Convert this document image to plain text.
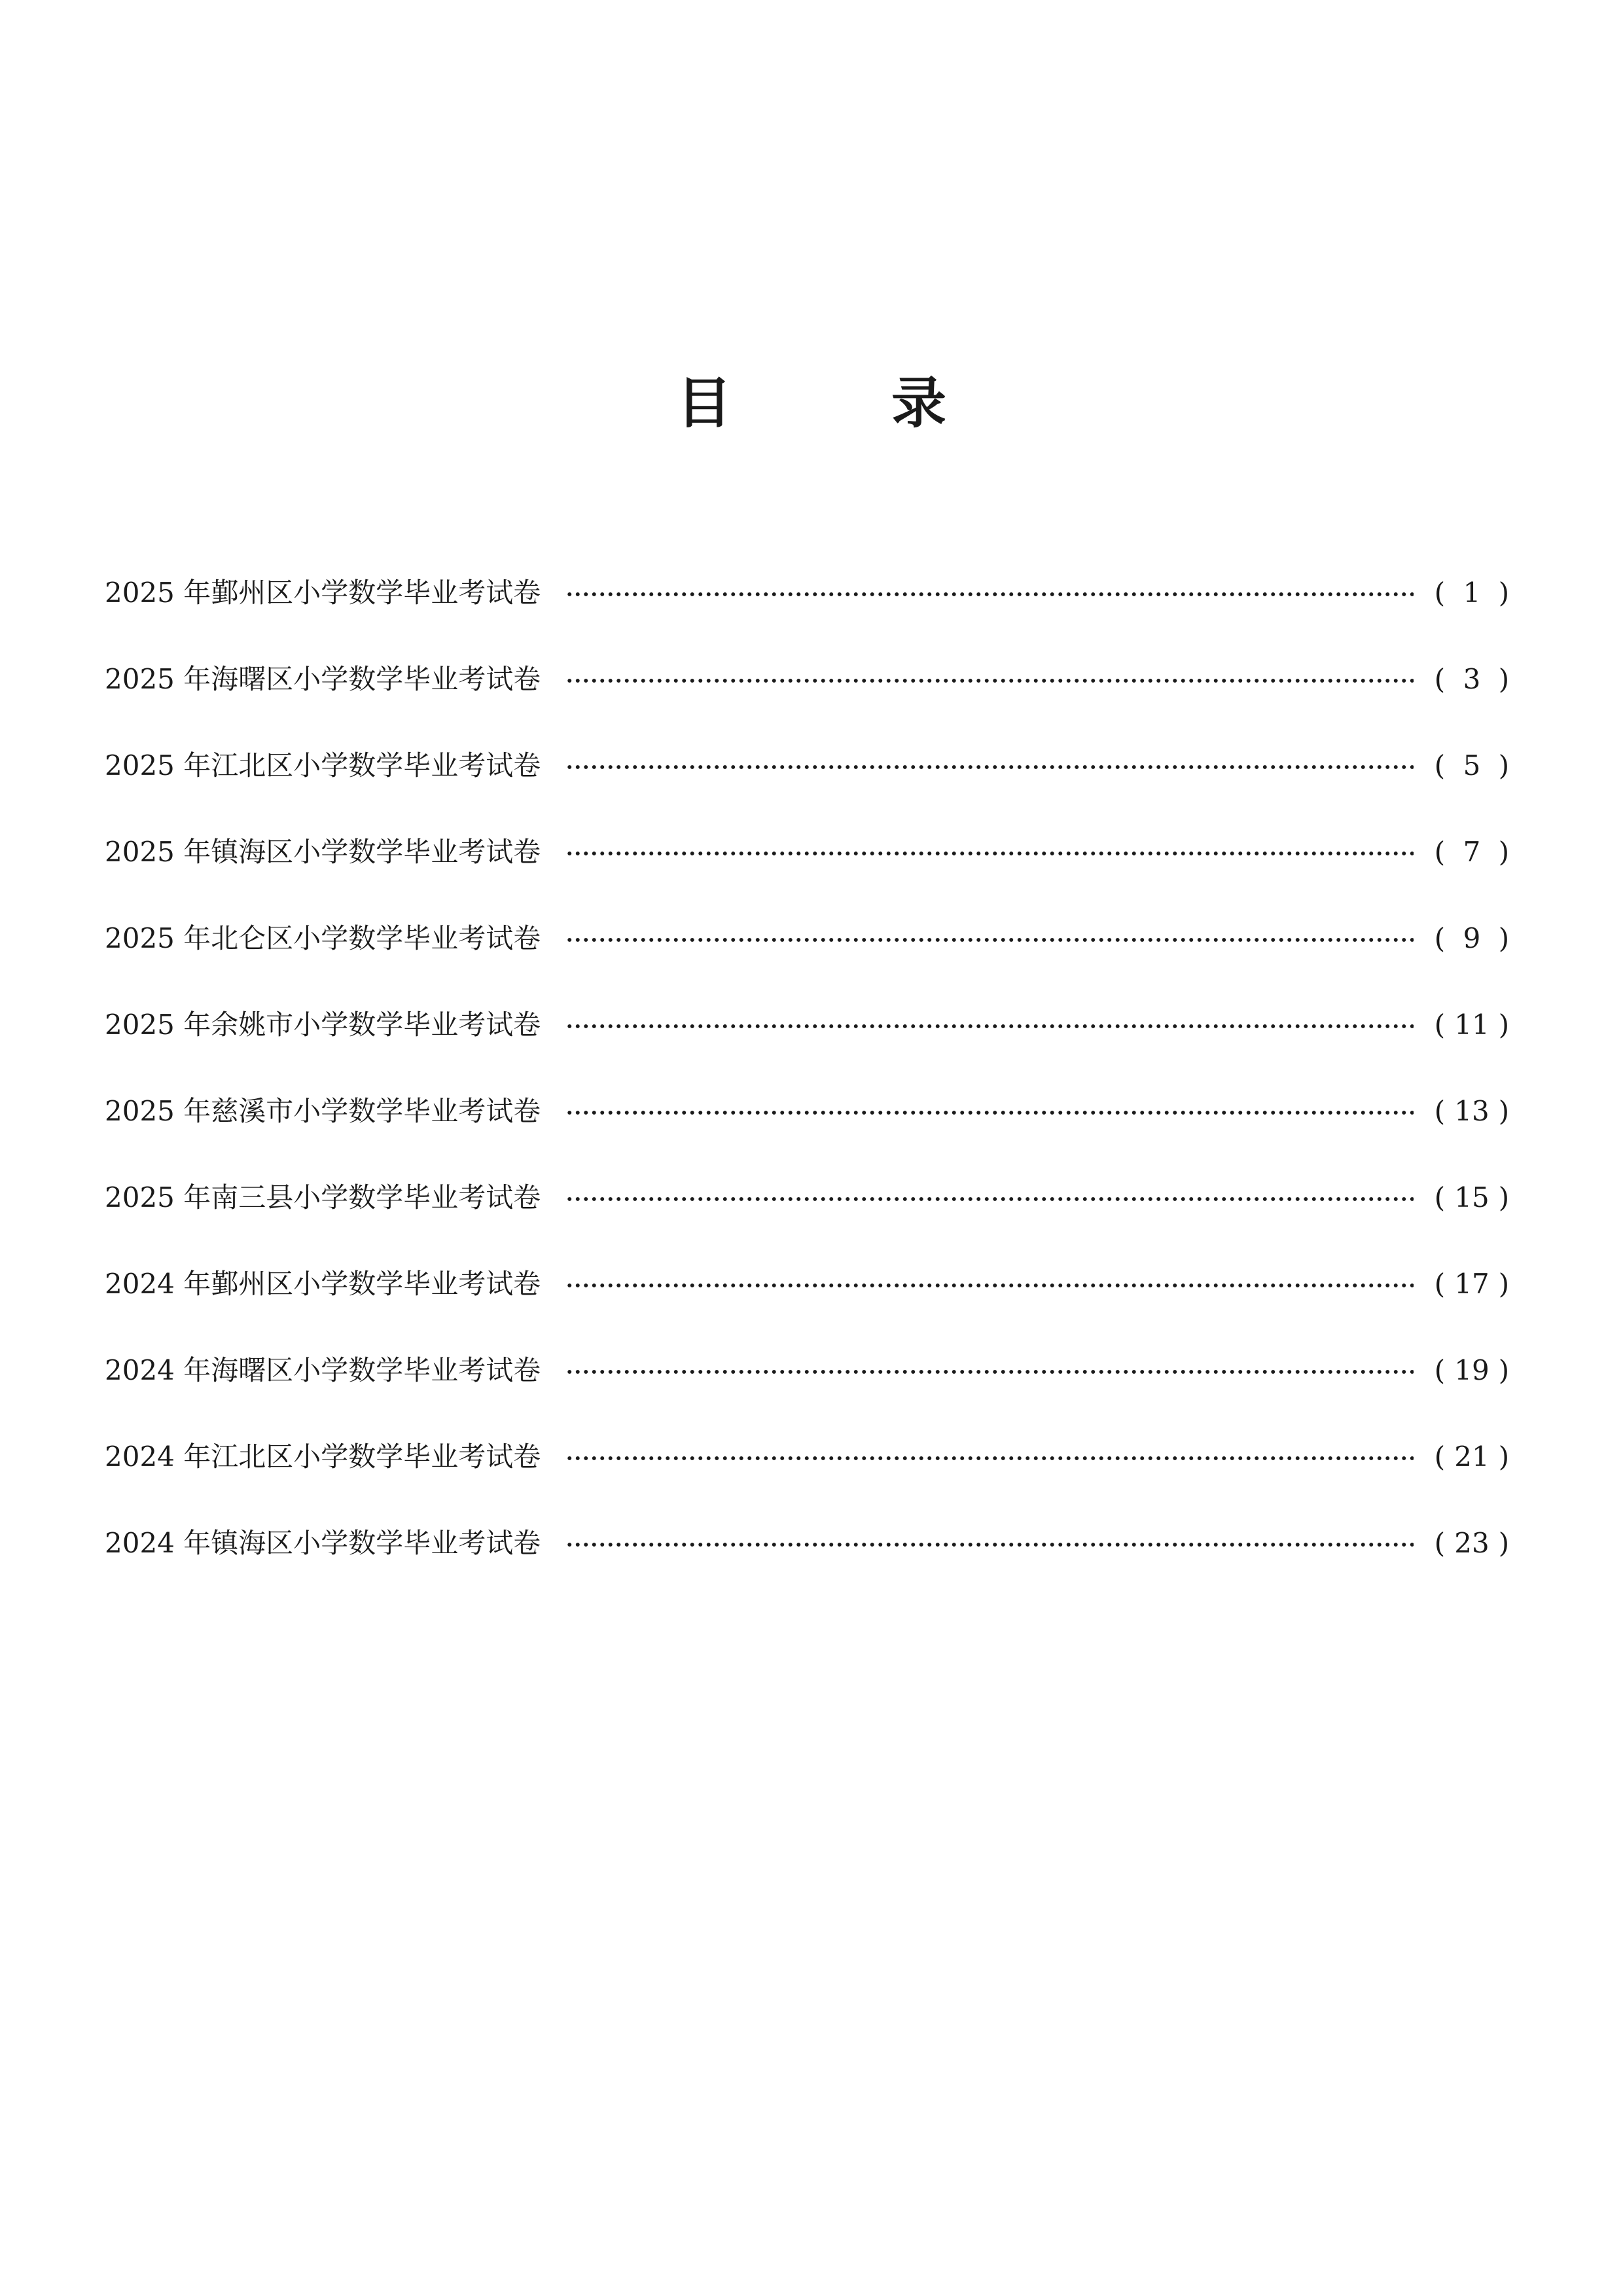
目　录
2025 年鄞州区小学数学毕业考试卷	( 1 )
2025 年海曙区小学数学毕业考试卷	( 3 )
2025 年江北区小学数学毕业考试卷	( 5 )
2025 年镇海区小学数学毕业考试卷	( 7 )
2025 年北仑区小学数学毕业考试卷	( 9 )
2025 年余姚市小学数学毕业考试卷	( 11 )
2025 年慈溪市小学数学毕业考试卷	( 13 )
2025 年南三县小学数学毕业考试卷	( 15 )
2024 年鄞州区小学数学毕业考试卷	( 17 )
2024 年海曙区小学数学毕业考试卷	( 19 )
2024 年江北区小学数学毕业考试卷	( 21 )
2024 年镇海区小学数学毕业考试卷	( 23 )
